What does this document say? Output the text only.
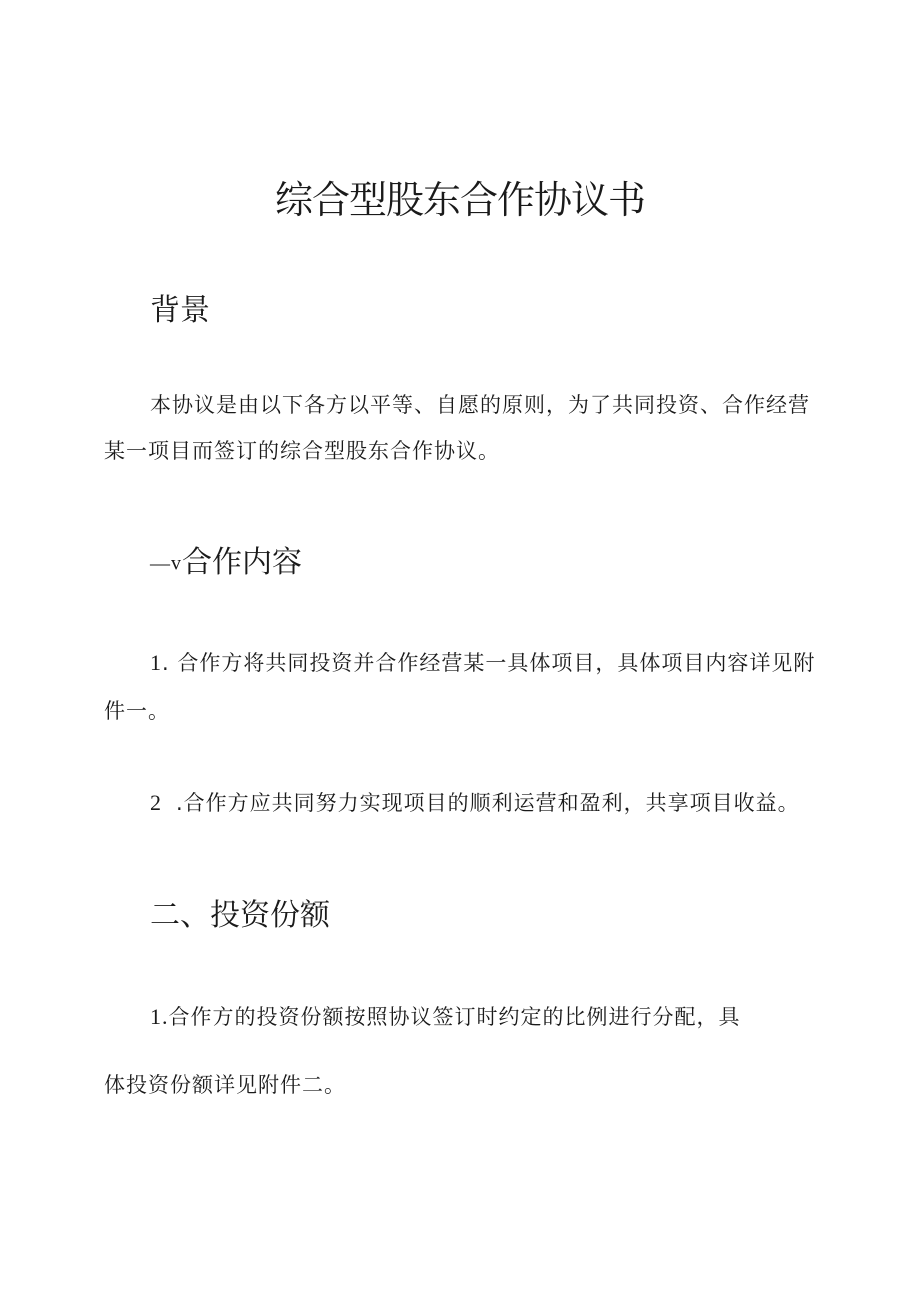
综合型股东合作协议书
背景

本协议是由以下各方以平等、自愿的原则，为了共同投资、合作经营

某一项目而签订的综合型股东合作协议。

—v合作内容

1. 合作方将共同投资并合作经营某一具体项目，具体项目内容详见附

件一。

2 .合作方应共同努力实现项目的顺利运营和盈利，共享项目收益。

二、投资份额

1.合作方的投资份额按照协议签订时约定的比例进行分配，具

体投资份额详见附件二。
